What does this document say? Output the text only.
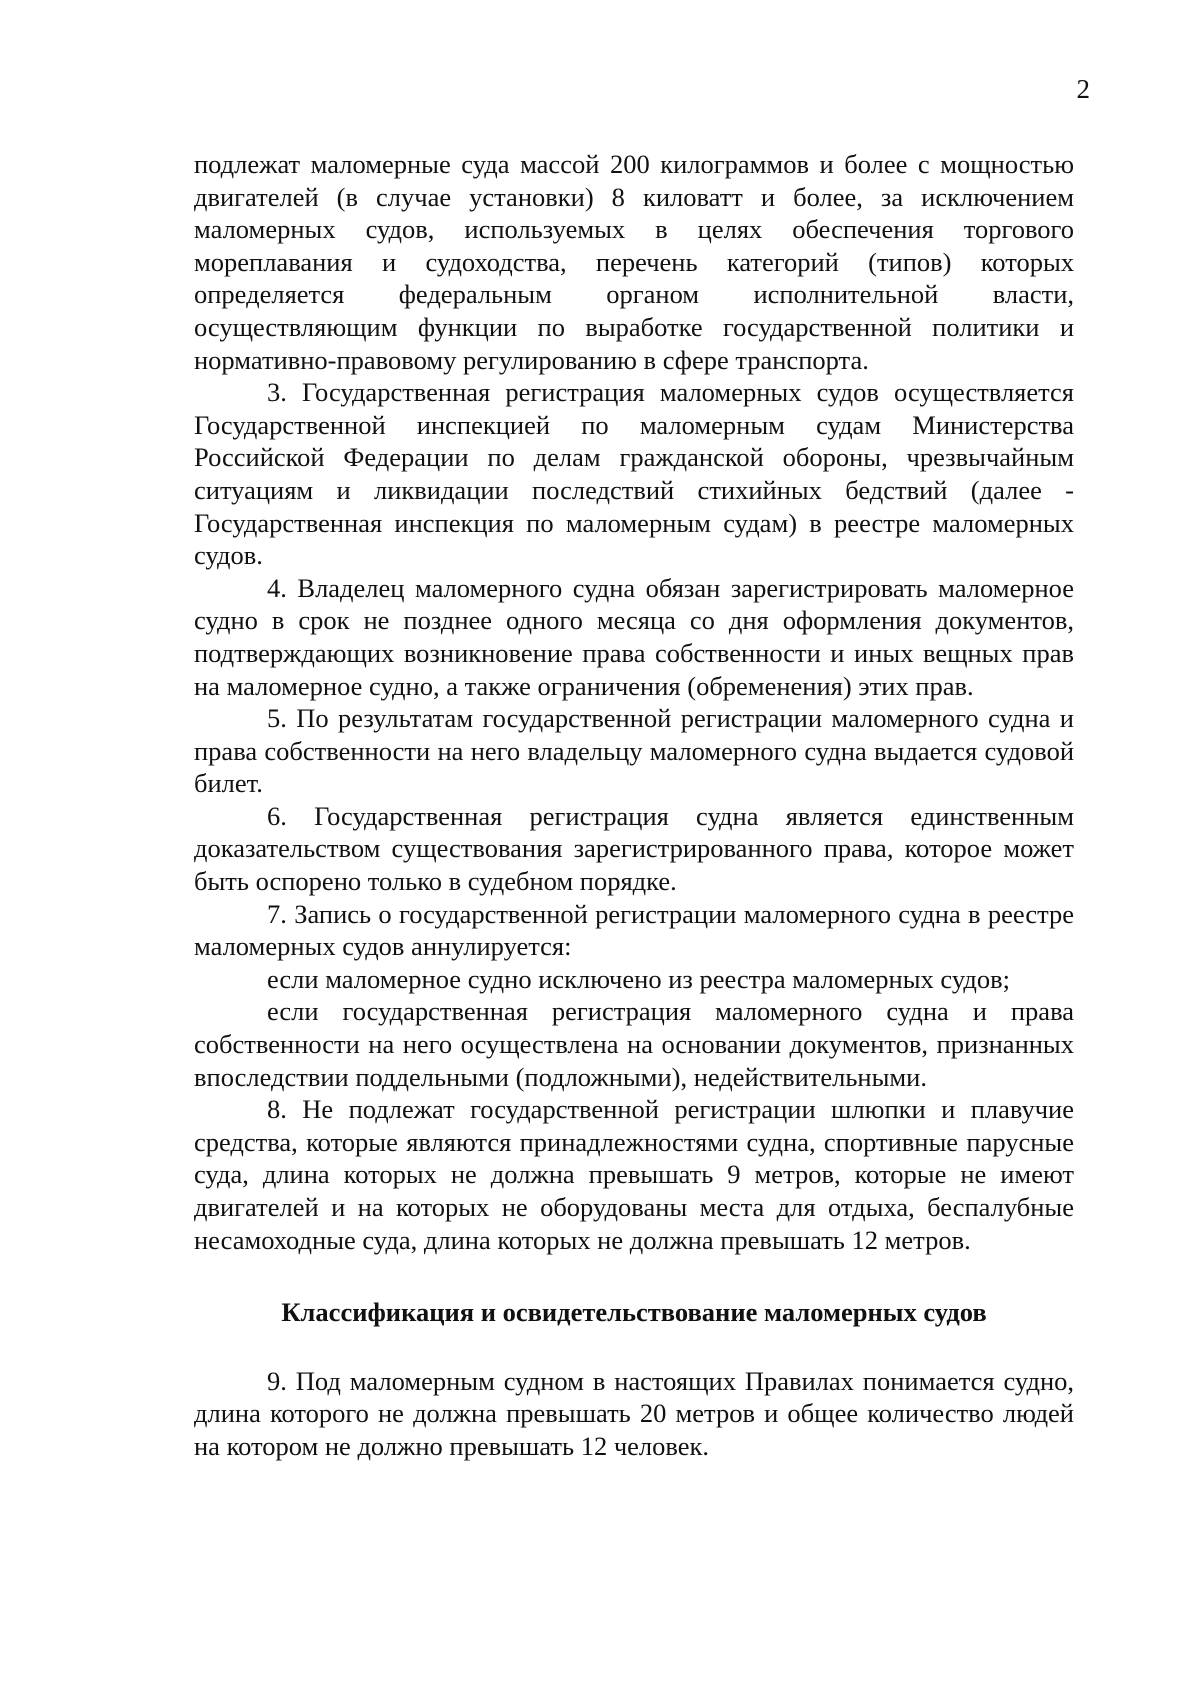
2

подлежат маломерные суда массой 200 килограммов и более с мощностью двигателей (в случае установки) 8 киловатт и более, за исключением маломерных судов, используемых в целях обеспечения торгового мореплавания и судоходства, перечень категорий (типов) которых определяется федеральным органом исполнительной власти, осуществляющим функции по выработке государственной политики и нормативно-правовому регулированию в сфере транспорта.

3. Государственная регистрация маломерных судов осуществляется Государственной инспекцией по маломерным судам Министерства Российской Федерации по делам гражданской обороны, чрезвычайным ситуациям и ликвидации последствий стихийных бедствий (далее - Государственная инспекция по маломерным судам) в реестре маломерных судов.

4. Владелец маломерного судна обязан зарегистрировать маломерное судно в срок не позднее одного месяца со дня оформления документов, подтверждающих возникновение права собственности и иных вещных прав на маломерное судно, а также ограничения (обременения) этих прав.

5. По результатам государственной регистрации маломерного судна и права собственности на него владельцу маломерного судна выдается судовой билет.

6. Государственная регистрация судна является единственным доказательством существования зарегистрированного права, которое может быть оспорено только в судебном порядке.

7. Запись о государственной регистрации маломерного судна в реестре маломерных судов аннулируется:

если маломерное судно исключено из реестра маломерных судов;

если государственная регистрация маломерного судна и права собственности на него осуществлена на основании документов, признанных впоследствии поддельными (подложными), недействительными.

8. Не подлежат государственной регистрации шлюпки и плавучие средства, которые являются принадлежностями судна, спортивные парусные суда, длина которых не должна превышать 9 метров, которые не имеют двигателей и на которых не оборудованы места для отдыха, беспалубные несамоходные суда, длина которых не должна превышать 12 метров.

Классификация и освидетельствование маломерных судов

9. Под маломерным судном в настоящих Правилах понимается судно, длина которого не должна превышать 20 метров и общее количество людей на котором не должно превышать 12 человек.
